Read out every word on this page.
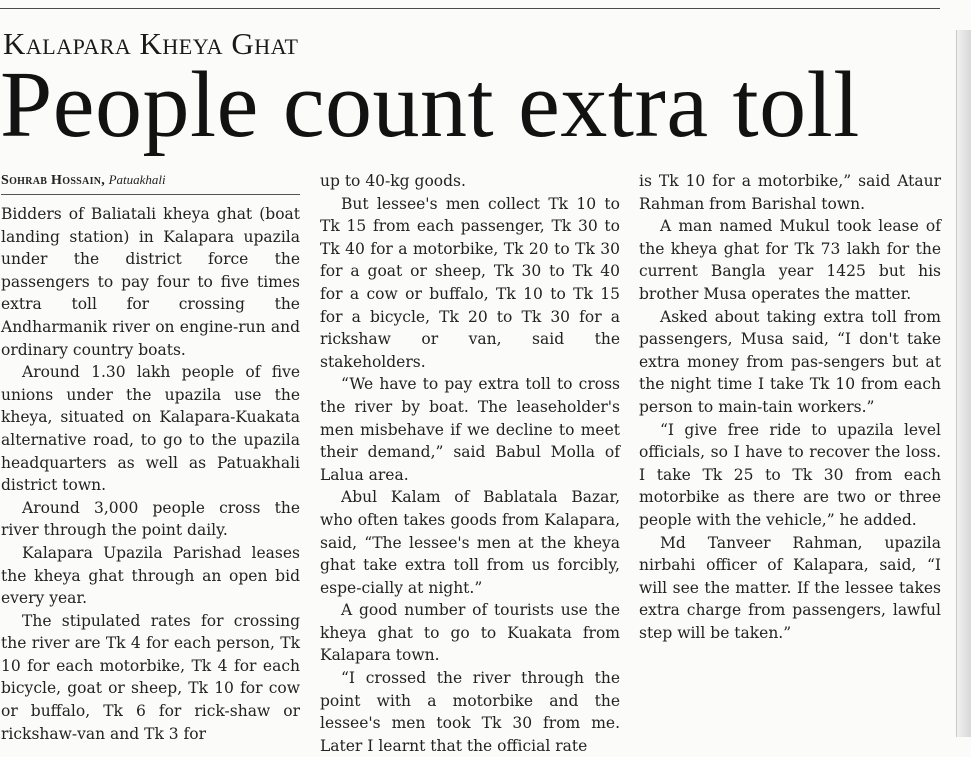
Kalapara Kheya Ghat
People count extra toll
Sohrab Hossain, Patuakhali

Bidders of Baliatali kheya ghat (boat landing station) in Kalapara upazila under the district force the passengers to pay four to five times extra toll for crossing the Andharmanik river on engine-run and ordinary country boats.

Around 1.30 lakh people of five unions under the upazila use the kheya, situated on Kalapara-Kuakata alternative road, to go to the upazila headquarters as well as Patuakhali district town.

Around 3,000 people cross the river through the point daily.

Kalapara Upazila Parishad leases the kheya ghat through an open bid every year.

The stipulated rates for crossing the river are Tk 4 for each person, Tk 10 for each motorbike, Tk 4 for each bicycle, goat or sheep, Tk 10 for cow or buffalo, Tk 6 for rick-shaw or rickshaw-van and Tk 3 for

up to 40-kg goods.

But lessee's men collect Tk 10 to Tk 15 from each passenger, Tk 30 to Tk 40 for a motorbike, Tk 20 to Tk 30 for a goat or sheep, Tk 30 to Tk 40 for a cow or buffalo, Tk 10 to Tk 15 for a bicycle, Tk 20 to Tk 30 for a rickshaw or van, said the stakeholders.

“We have to pay extra toll to cross the river by boat. The leaseholder's men misbehave if we decline to meet their demand,” said Babul Molla of Lalua area.

Abul Kalam of Bablatala Bazar, who often takes goods from Kalapara, said, “The lessee's men at the kheya ghat take extra toll from us forcibly, espe-cially at night.”

A good number of tourists use the kheya ghat to go to Kuakata from Kalapara town.

“I crossed the river through the point with a motorbike and the lessee's men took Tk 30 from me. Later I learnt that the official rate

is Tk 10 for a motorbike,” said Ataur Rahman from Barishal town.

A man named Mukul took lease of the kheya ghat for Tk 73 lakh for the current Bangla year 1425 but his brother Musa operates the matter.

Asked about taking extra toll from passengers, Musa said, “I don't take extra money from pas-sengers but at the night time I take Tk 10 from each person to main-tain workers.”

“I give free ride to upazila level officials, so I have to recover the loss. I take Tk 25 to Tk 30 from each motorbike as there are two or three people with the vehicle,” he added.

Md Tanveer Rahman, upazila nirbahi officer of Kalapara, said, “I will see the matter. If the lessee takes extra charge from passengers, lawful step will be taken.”
